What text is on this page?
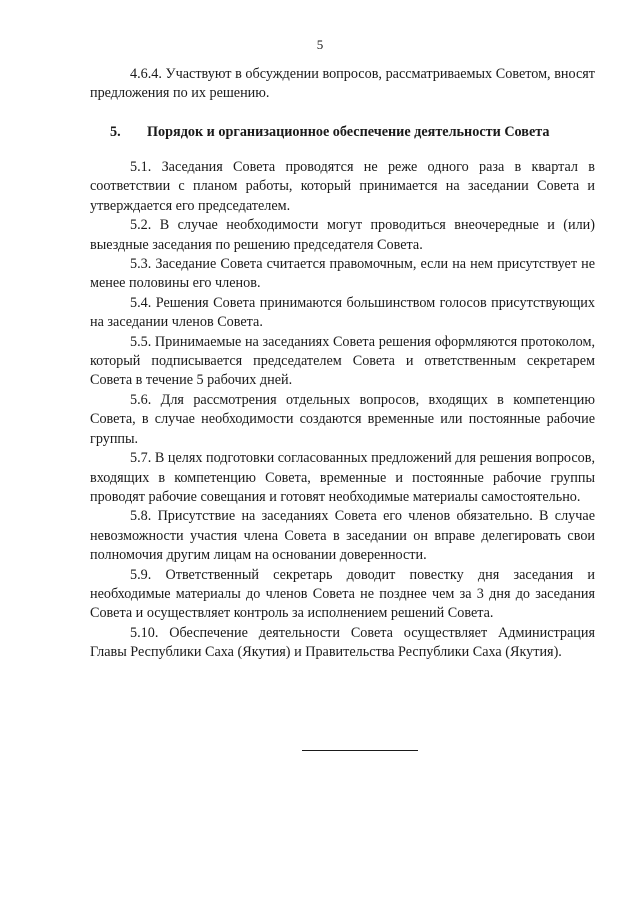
5

4.6.4. Участвуют в обсуждении вопросов, рассматриваемых Советом, вносят предложения по их решению.

5. Порядок и организационное обеспечение деятельности Совета

5.1. Заседания Совета проводятся не реже одного раза в квартал в соответствии с планом работы, который принимается на заседании Совета и утверждается его председателем.

5.2. В случае необходимости могут проводиться внеочередные и (или) выездные заседания по решению председателя Совета.

5.3. Заседание Совета считается правомочным, если на нем присутствует не менее половины его членов.

5.4. Решения Совета принимаются большинством голосов присутствующих на заседании членов Совета.

5.5. Принимаемые на заседаниях Совета решения оформляются протоколом, который подписывается председателем Совета и ответственным секретарем Совета в течение 5 рабочих дней.

5.6. Для рассмотрения отдельных вопросов, входящих в компетенцию Совета, в случае необходимости создаются временные или постоянные рабочие группы.

5.7. В целях подготовки согласованных предложений для решения вопросов, входящих в компетенцию Совета, временные и постоянные рабочие группы проводят рабочие совещания и готовят необходимые материалы самостоятельно.

5.8. Присутствие на заседаниях Совета его членов обязательно. В случае невозможности участия члена Совета в заседании он вправе делегировать свои полномочия другим лицам на основании доверенности.

5.9. Ответственный секретарь доводит повестку дня заседания и необходимые материалы до членов Совета не позднее чем за 3 дня до заседания Совета и осуществляет контроль за исполнением решений Совета.

5.10. Обеспечение деятельности Совета осуществляет Администрация Главы Республики Саха (Якутия) и Правительства Республики Саха (Якутия).
